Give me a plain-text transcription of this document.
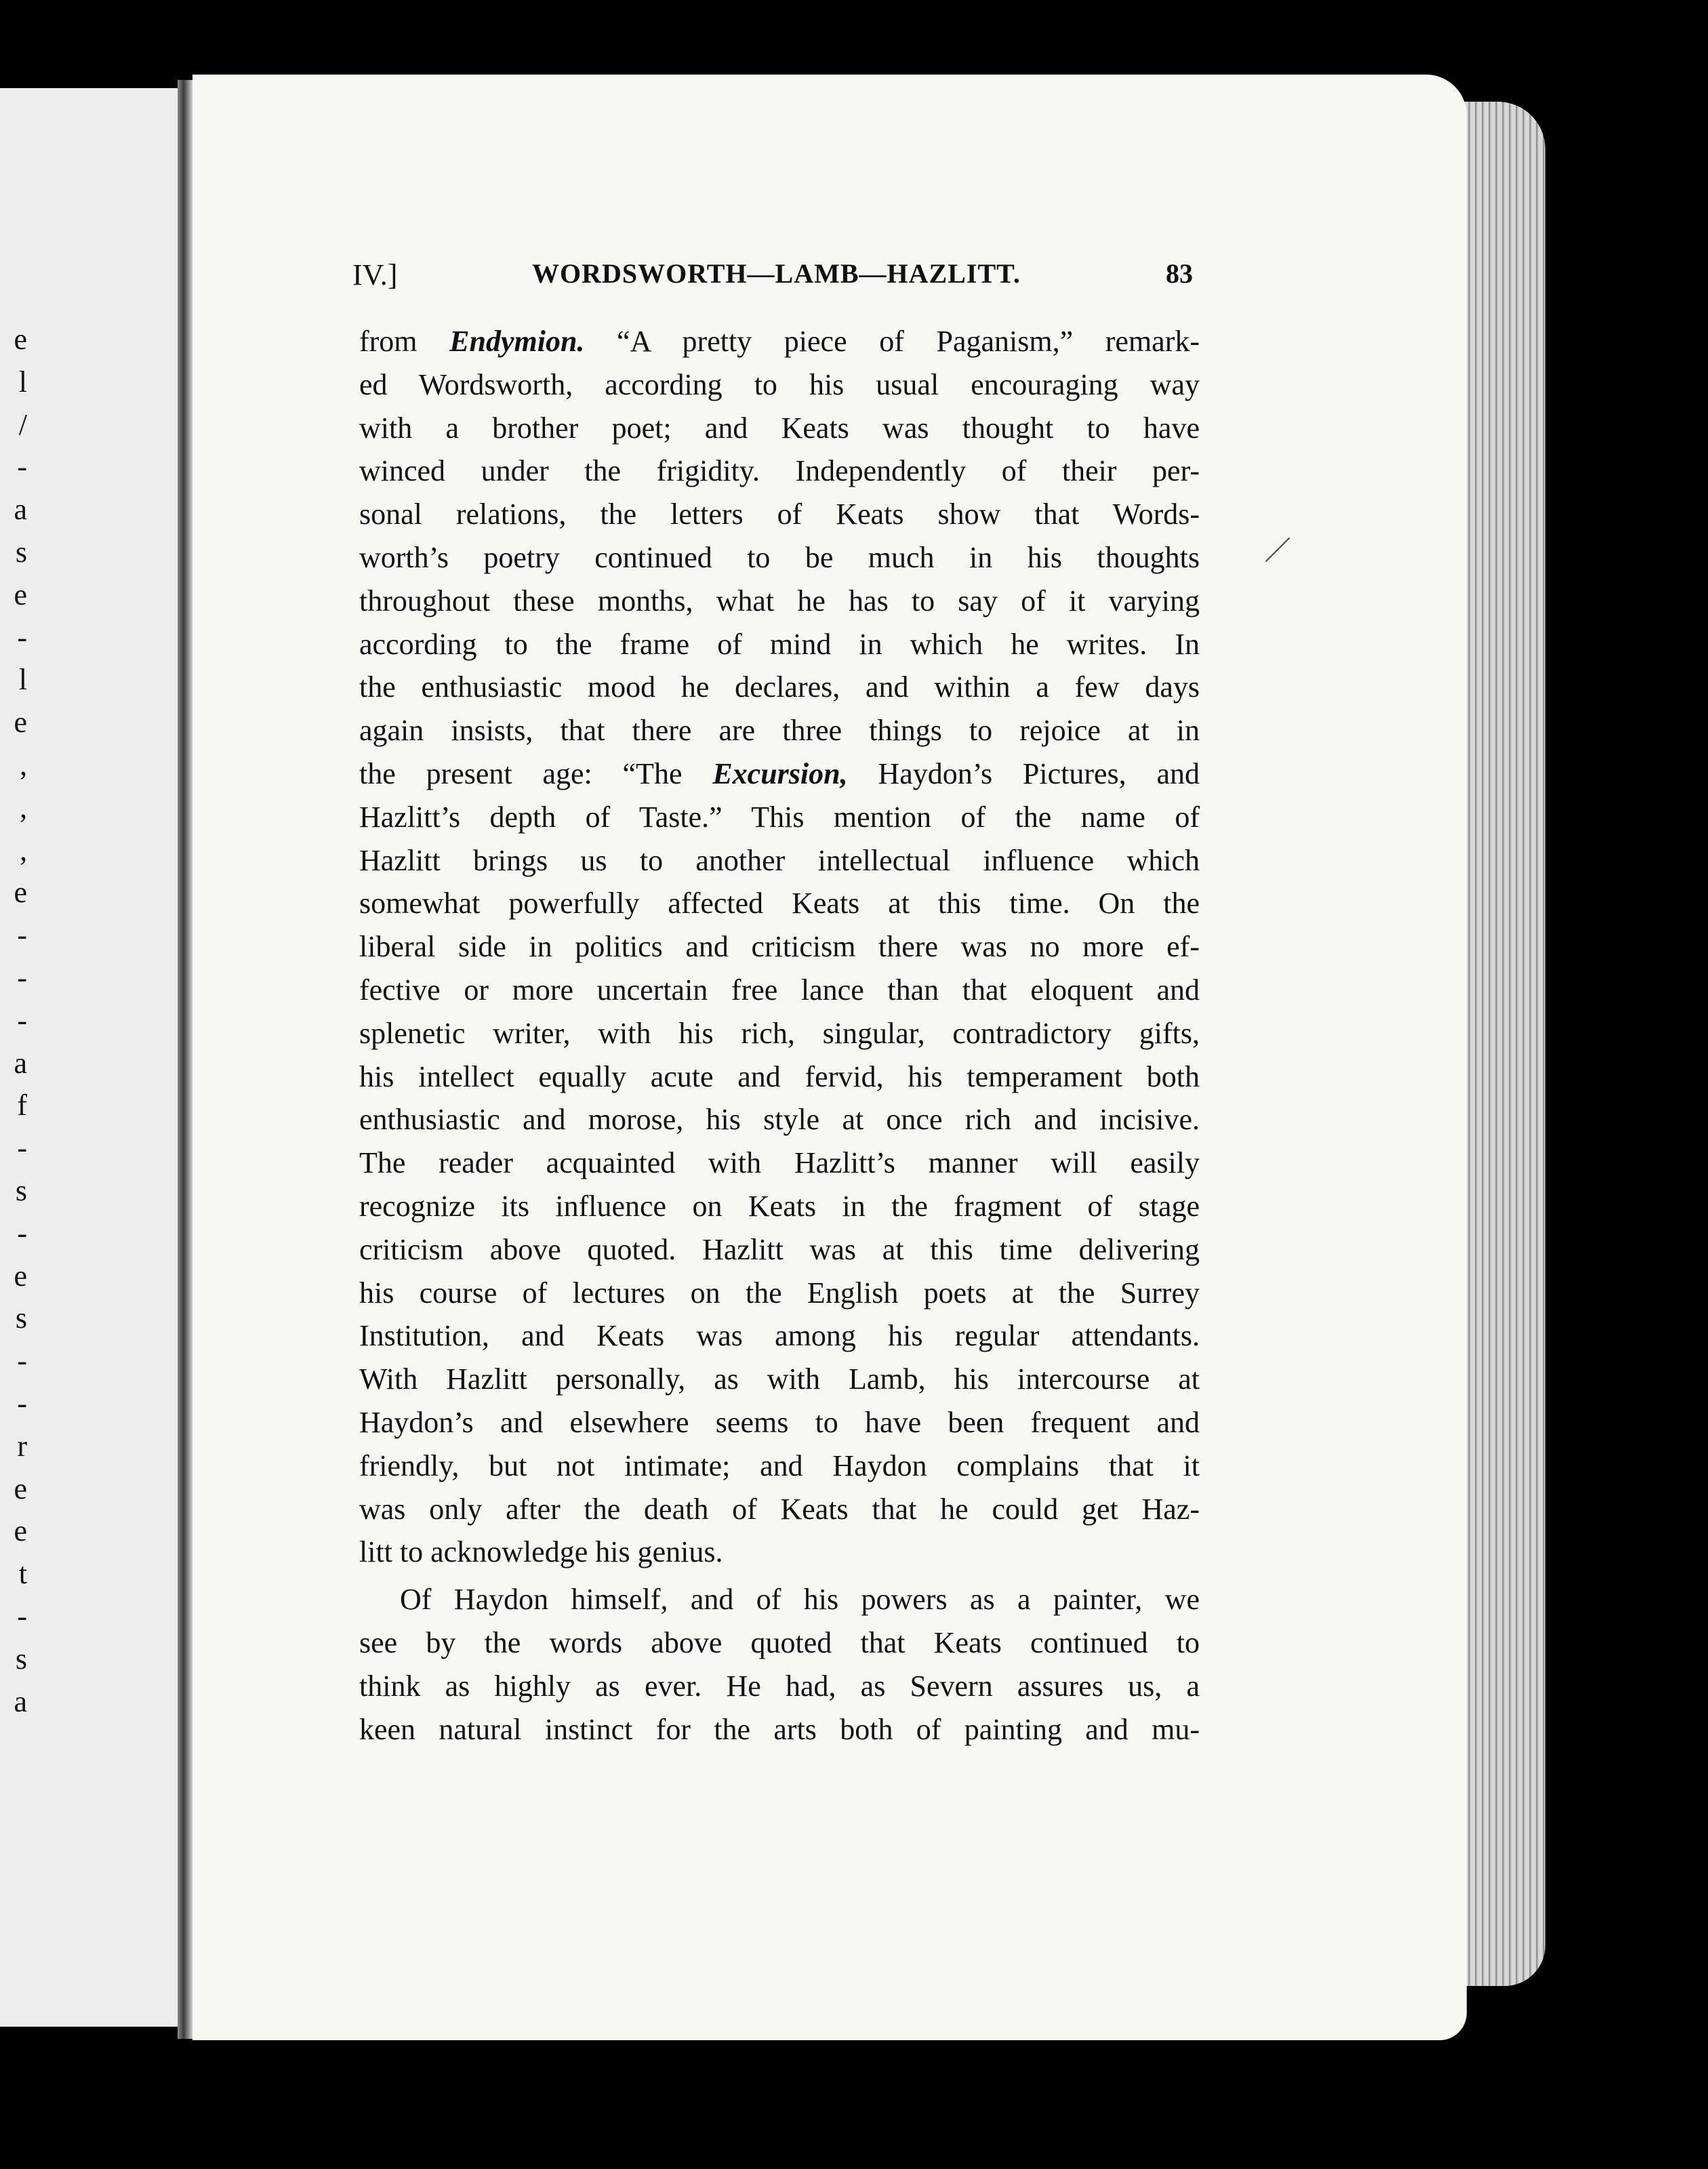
e
l
/
-
a
s
e
-
l
e
,
,
,
e
-
-
-
a
f
-
s
-
e
s
-
-
r
e
e
t
-
s
a
IV.]	WORDSWORTH—LAMB—HAZLITT.	83
from Endymion. “A pretty piece of Paganism,” remark-
ed Wordsworth, according to his usual encouraging way
with a brother poet; and Keats was thought to have
winced under the frigidity. Independently of their per-
sonal relations, the letters of Keats show that Words-
worth’s poetry continued to be much in his thoughts
throughout these months, what he has to say of it varying
according to the frame of mind in which he writes. In
the enthusiastic mood he declares, and within a few days
again insists, that there are three things to rejoice at in
the present age: “The Excursion, Haydon’s Pictures, and
Hazlitt’s depth of Taste.” This mention of the name of
Hazlitt brings us to another intellectual influence which
somewhat powerfully affected Keats at this time. On the
liberal side in politics and criticism there was no more ef-
fective or more uncertain free lance than that eloquent and
splenetic writer, with his rich, singular, contradictory gifts,
his intellect equally acute and fervid, his temperament both
enthusiastic and morose, his style at once rich and incisive.
The reader acquainted with Hazlitt’s manner will easily
recognize its influence on Keats in the fragment of stage
criticism above quoted. Hazlitt was at this time delivering
his course of lectures on the English poets at the Surrey
Institution, and Keats was among his regular attendants.
With Hazlitt personally, as with Lamb, his intercourse at
Haydon’s and elsewhere seems to have been frequent and
friendly, but not intimate; and Haydon complains that it
was only after the death of Keats that he could get Haz-
litt to acknowledge his genius.
Of Haydon himself, and of his powers as a painter, we
see by the words above quoted that Keats continued to
think as highly as ever. He had, as Severn assures us, a
keen natural instinct for the arts both of painting and mu-
